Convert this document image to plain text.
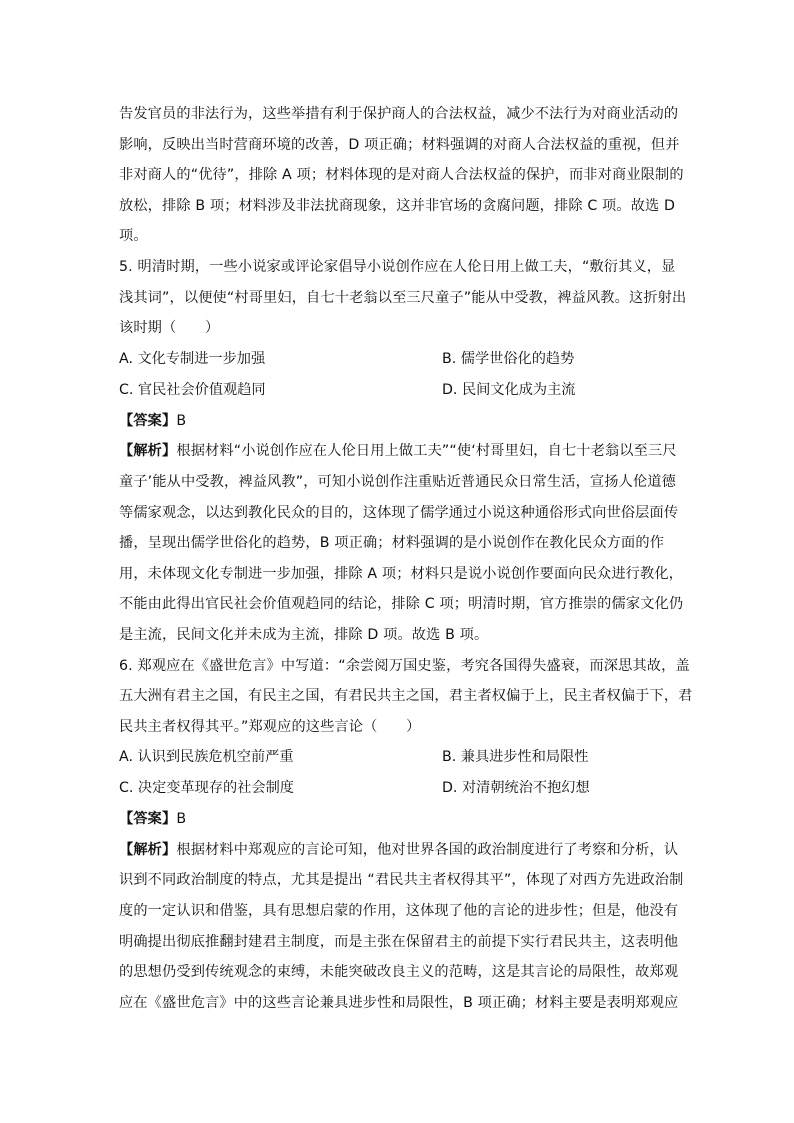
告发官员的非法行为，这些举措有利于保护商人的合法权益，减少不法行为对商业活动的
影响，反映出当时营商环境的改善，D 项正确；材料强调的对商人合法权益的重视，但并
非对商人的“优待”，排除 A 项；材料体现的是对商人合法权益的保护，而非对商业限制的
放松，排除 B 项；材料涉及非法扰商现象，这并非官场的贪腐问题，排除 C 项。故选 D
项。
5. 明清时期，一些小说家或评论家倡导小说创作应在人伦日用上做工夫，“敷衍其义，显
浅其词”，以便使“村哥里妇，自七十老翁以至三尺童子”能从中受教，裨益风教。这折射出
该时期（　　）
A. 文化专制进一步加强	B. 儒学世俗化的趋势
C. 官民社会价值观趋同	D. 民间文化成为主流
【答案】B
【解析】根据材料“小说创作应在人伦日用上做工夫”“使‘村哥里妇，自七十老翁以至三尺
童子’能从中受教，裨益风教”，可知小说创作注重贴近普通民众日常生活，宣扬人伦道德
等儒家观念，以达到教化民众的目的，这体现了儒学通过小说这种通俗形式向世俗层面传
播，呈现出儒学世俗化的趋势，B 项正确；材料强调的是小说创作在教化民众方面的作
用，未体现文化专制进一步加强，排除 A 项；材料只是说小说创作要面向民众进行教化，
不能由此得出官民社会价值观趋同的结论，排除 C 项；明清时期，官方推崇的儒家文化仍
是主流，民间文化并未成为主流，排除 D 项。故选 B 项。
6. 郑观应在《盛世危言》中写道：“余尝阅万国史鉴，考究各国得失盛衰，而深思其故，盖
五大洲有君主之国，有民主之国，有君民共主之国，君主者权偏于上，民主者权偏于下，君
民共主者权得其平。”郑观应的这些言论（　　）
A. 认识到民族危机空前严重	B. 兼具进步性和局限性
C. 决定变革现存的社会制度	D. 对清朝统治不抱幻想
【答案】B
【解析】根据材料中郑观应的言论可知，他对世界各国的政治制度进行了考察和分析，认
识到不同政治制度的特点，尤其是提出 “君民共主者权得其平”，体现了对西方先进政治制
度的一定认识和借鉴，具有思想启蒙的作用，这体现了他的言论的进步性；但是，他没有
明确提出彻底推翻封建君主制度，而是主张在保留君主的前提下实行君民共主，这表明他
的思想仍受到传统观念的束缚，未能突破改良主义的范畴，这是其言论的局限性，故郑观
应在《盛世危言》中的这些言论兼具进步性和局限性，B 项正确；材料主要是表明郑观应
